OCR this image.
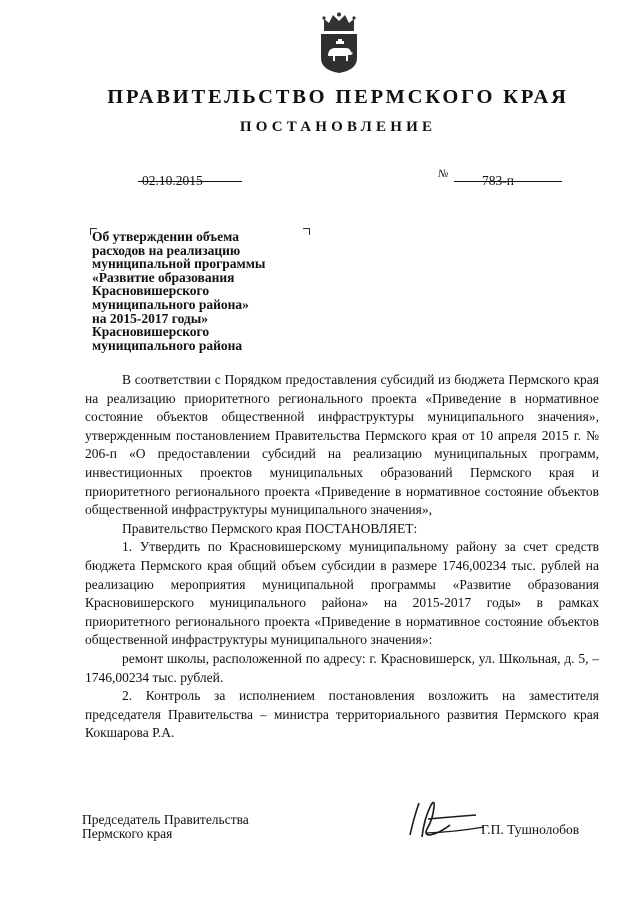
ПРАВИТЕЛЬСТВО ПЕРМСКОГО КРАЯ
ПОСТАНОВЛЕНИЕ
02.10.2015	№ 783-п
Об утверждении объема
расходов на реализацию
муниципальной программы
«Развитие образования
Красновишерского
муниципального района»
на 2015-2017 годы»
Красновишерского
муниципального района

В соответствии с Порядком предоставления субсидий из бюджета Пермского края на реализацию приоритетного регионального проекта «Приведение в нормативное состояние объектов общественной инфраструктуры муниципального значения», утвержденным постановлением Правительства Пермского края от 10 апреля 2015 г. № 206-п «О предоставлении субсидий на реализацию муниципальных программ, инвестиционных проектов муниципальных образований Пермского края и приоритетного регионального проекта «Приведение в нормативное состояние объектов общественной инфраструктуры муниципального значения»,

Правительство Пермского края ПОСТАНОВЛЯЕТ:

1. Утвердить по Красновишерскому муниципальному району за счет средств бюджета Пермского края общий объем субсидии в размере 1746,00234 тыс. рублей на реализацию мероприятия муниципальной программы «Развитие образования Красновишерского муниципального района» на 2015-2017 годы» в рамках приоритетного регионального проекта «Приведение в нормативное состояние объектов общественной инфраструктуры муниципального значения»:

ремонт школы, расположенной по адресу: г. Красновишерск, ул. Школьная, д. 5, – 1746,00234 тыс. рублей.

2. Контроль за исполнением постановления возложить на заместителя председателя Правительства – министра территориального развития Пермского края Кокшарова Р.А.

Председатель Правительства
Пермского края	Г.П. Тушнолобов
